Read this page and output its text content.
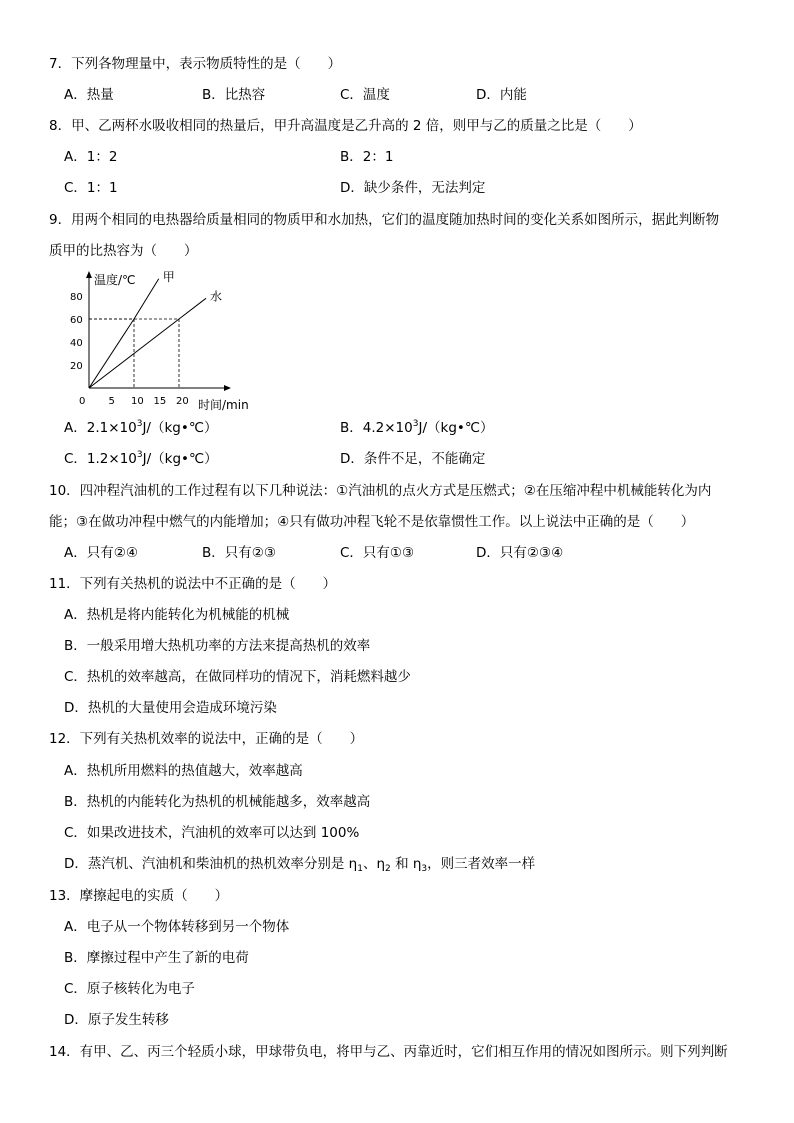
7．下列各物理量中，表示物质特性的是（　　）
A．热量	B．比热容	C．温度	D．内能
8．甲、乙两杯水吸收相同的热量后，甲升高温度是乙升高的 2 倍，则甲与乙的质量之比是（　　）
A．1：2	B．2：1
C．1：1	D．缺少条件，无法判定
9．用两个相同的电热器给质量相同的物质甲和水加热，它们的温度随加热时间的变化关系如图所示，据此判断物
质甲的比热容为（　　）
甲
水
0 5 10 15 20
20
40
60
80
温度/℃
时间/min
A．$2.1\times 10^3J/(kg•℃)$	B．$4.2\times 10^3J/(kg•℃)$
C．$1.2\times 10^3J/(kg•℃)$	D．条件不足，不能确定
10．四冲程汽油机的工作过程有以下几种说法：①汽油机的点火方式是压燃式；②在压缩冲程中机械能转化为内
能；③在做功冲程中燃气的内能增加；④只有做功冲程飞轮不是依靠惯性工作。以上说法中正确的是（　　）
A．只有②④	B．只有②③	C．只有①③	D．只有②③④
11．下列有关热机的说法中不正确的是（　　）
A．热机是将内能转化为机械能的机械
B．一般采用增大热机功率的方法来提高热机的效率
C．热机的效率越高，在做同样功的情况下，消耗燃料越少
D．热机的大量使用会造成环境污染
12．下列有关热机效率的说法中，正确的是（　　）
A．热机所用燃料的热值越大，效率越高
B．热机的内能转化为热机的机械能越多，效率越高
C．如果改进技术，汽油机的效率可以达到 100%
D．蒸汽机、汽油机和柴油机的热机效率分别是 $\eta_1$、$\eta_2$ 和 $\eta_3$，则三者效率一样
13．摩擦起电的实质（　　）
A．电子从一个物体转移到另一个物体
B．摩擦过程中产生了新的电荷
C．原子核转化为电子
D．原子发生转移
14．有甲、乙、丙三个轻质小球，甲球带负电，将甲与乙、丙靠近时，它们相互作用的情况如图所示。则下列判断
